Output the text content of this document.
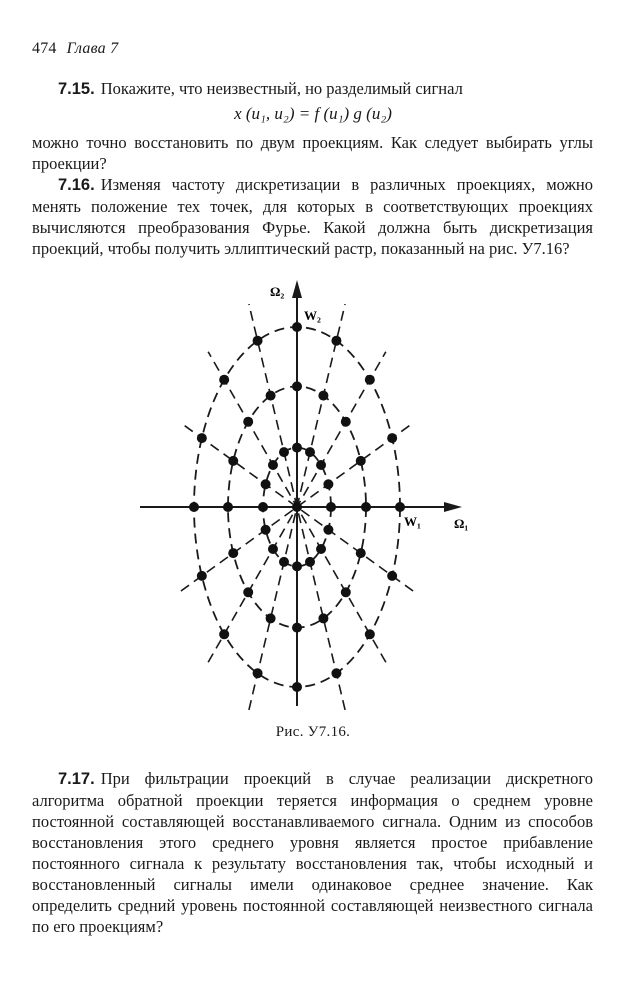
474 Глава 7
7.15. Покажите, что неизвестный, но разделимый сигнал
x (u₁, u₂) = f (u₁) g (u₂)
можно точно восстановить по двум проекциям. Как следует выбирать углы проекции?
7.16. Изменяя частоту дискретизации в различных проекциях, можно менять положение тех точек, для которых в соответствующих проекциях вычисляются преобразования Фурье. Какой должна быть дискретизация проекций, чтобы получить эллиптический растр, показанный на рис. У7.16?
Ω₂
W₂
W₁	Ω₁
Рис. У7.16.
7.17. При фильтрации проекций в случае реализации дискретного алгоритма обратной проекции теряется информация о среднем уровне постоянной составляющей восстанавливаемого сигнала. Одним из способов восстановления этого среднего уровня является простое прибавление постоянного сигнала к результату восстановления так, чтобы исходный и восстановленный сигналы имели одинаковое среднее значение. Как определить средний уровень постоянной составляющей неизвестного сигнала по его проекциям?
